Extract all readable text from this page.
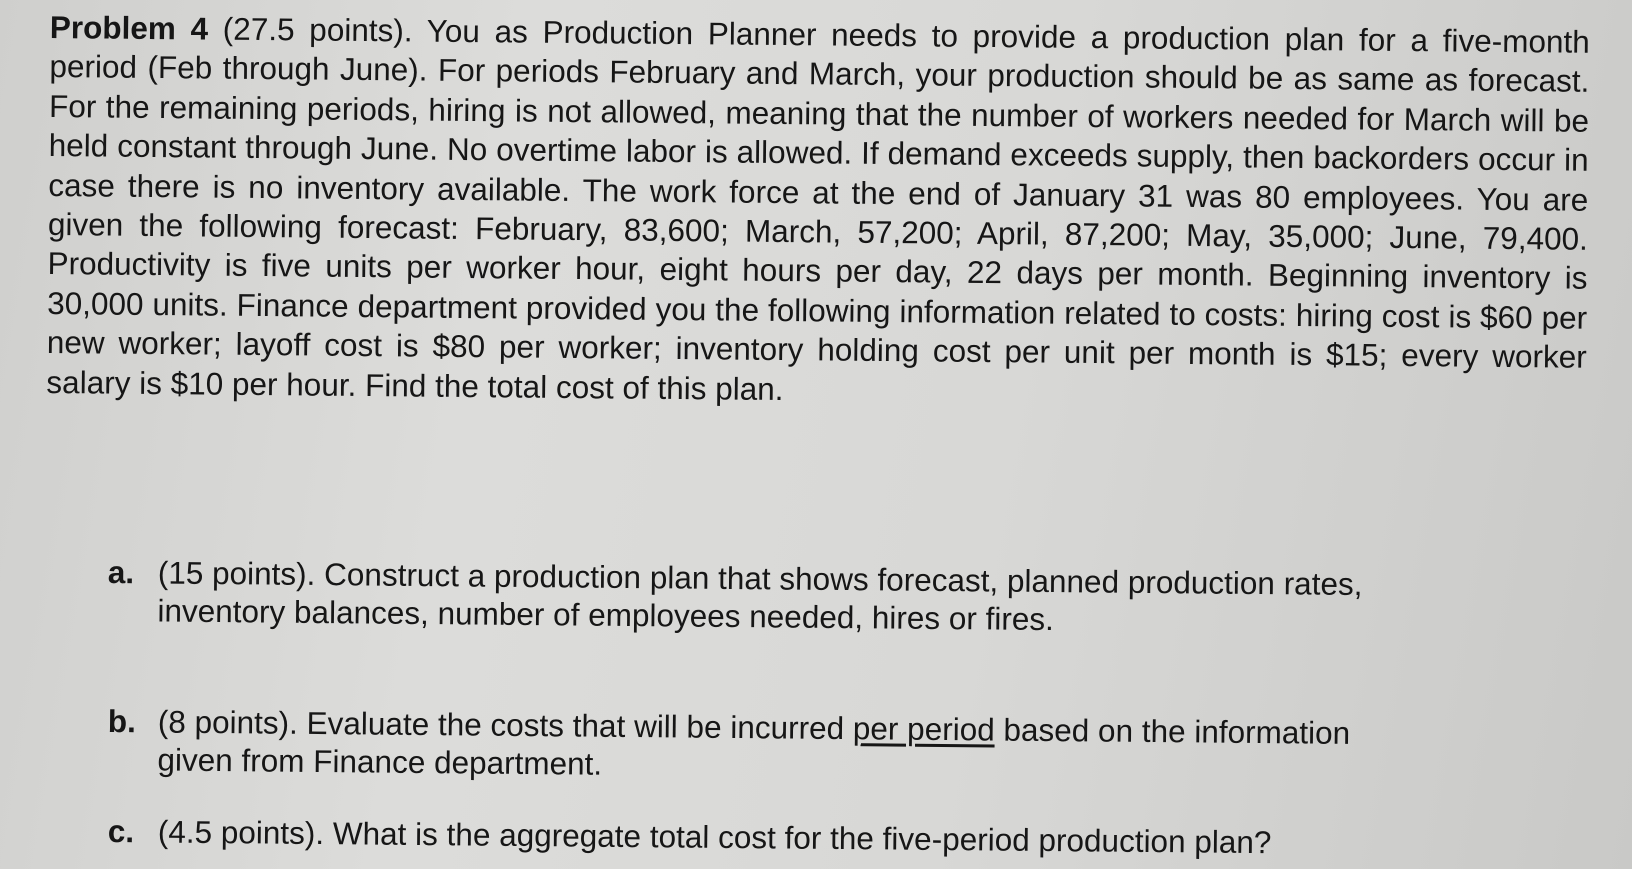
Problem 4 (27.5 points). You as Production Planner needs to provide a production plan for a five-month period (Feb through June). For periods February and March, your production should be as same as forecast. For the remaining periods, hiring is not allowed, meaning that the number of workers needed for March will be held constant through June. No overtime labor is allowed. If demand exceeds supply, then backorders occur in case there is no inventory available. The work force at the end of January 31 was 80 employees. You are given the following forecast: February, 83,600; March, 57,200; April, 87,200; May, 35,000; June, 79,400. Productivity is five units per worker hour, eight hours per day, 22 days per month. Beginning inventory is 30,000 units. Finance department provided you the following information related to costs: hiring cost is $60 per new worker; layoff cost is $80 per worker; inventory holding cost per unit per month is $15; every worker salary is $10 per hour. Find the total cost of this plan.
a. (15 points). Construct a production plan that shows forecast, planned production rates,
inventory balances, number of employees needed, hires or fires.
b. (8 points). Evaluate the costs that will be incurred per period based on the information
given from Finance department.
c. (4.5 points). What is the aggregate total cost for the five-period production plan?
